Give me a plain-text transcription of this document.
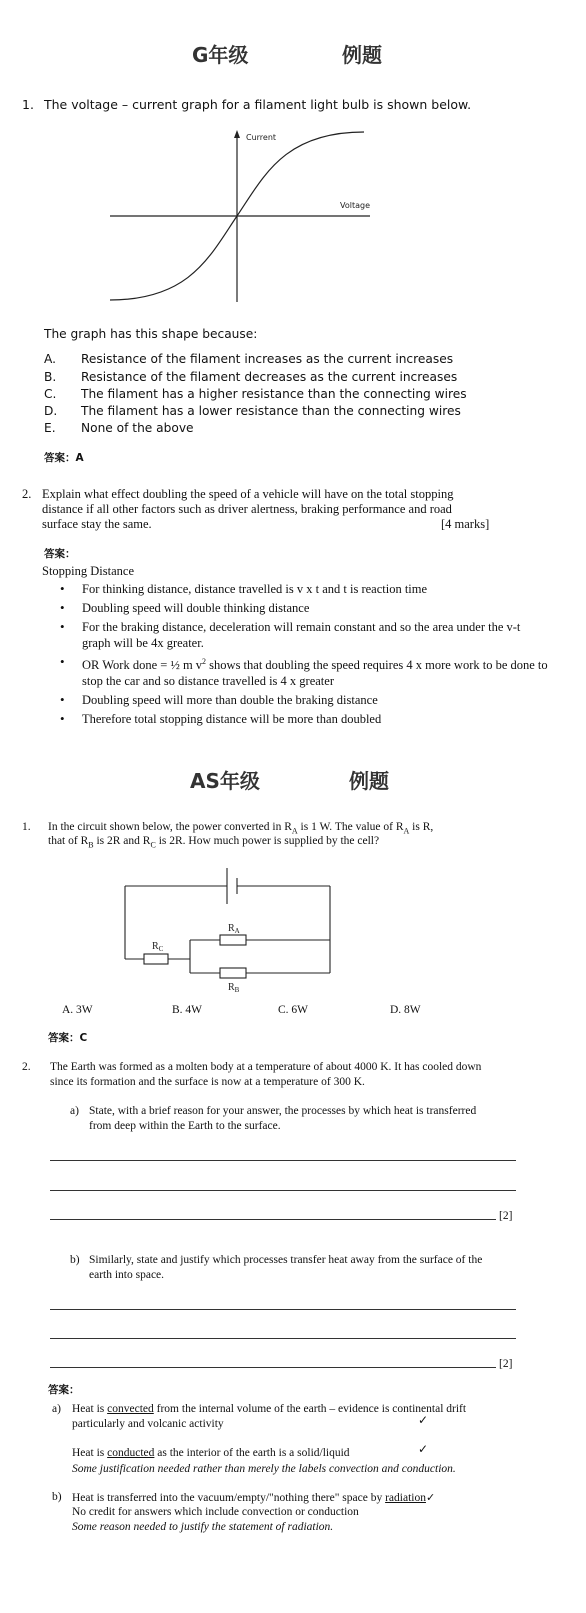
G年级	例题
1. The voltage – current graph for a filament light bulb is shown below.
Current
Voltage
The graph has this shape because:
A. Resistance of the filament increases as the current increases
B. Resistance of the filament decreases as the current increases
C. The filament has a higher resistance than the connecting wires
D. The filament has a lower resistance than the connecting wires
E. None of the above
答案：A
2. Explain what effect doubling the speed of a vehicle will have on the total stopping
distance if all other factors such as driver alertness, braking performance and road
surface stay the same.	[4 marks]
答案：
Stopping Distance
• For thinking distance, distance travelled is v x t and t is reaction time
• Doubling speed will double thinking distance
• For the braking distance, deceleration will remain constant and so the area under the v-t graph will be 4x greater.
• OR Work done = ½ m $v^2$ shows that doubling the speed requires 4 x more work to be done to stop the car and so distance travelled is 4 x greater
• Doubling speed will more than double the braking distance
• Therefore total stopping distance will be more than doubled
AS年级	例题
1. In the circuit shown below, the power converted in $R_A$ is 1 W. The value of $R_A$ is R,
that of $R_B$ is 2R and $R_C$ is 2R. How much power is supplied by the cell?
$R_C$
$R_A$
$R_B$
A. 3W	B. 4W	C. 6W	D. 8W
答案：C
2. The Earth was formed as a molten body at a temperature of about 4000 K. It has cooled down
since its formation and the surface is now at a temperature of 300 K.
a) State, with a brief reason for your answer, the processes by which heat is transferred
from deep within the Earth to the surface.
[2]
b) Similarly, state and justify which processes transfer heat away from the surface of the
earth into space.
[2]
答案：
a) Heat is convected from the internal volume of the earth – evidence is continental drift
particularly and volcanic activity	✓
Heat is conducted as the interior of the earth is a solid/liquid	✓
Some justification needed rather than merely the labels convection and conduction.
b) Heat is transferred into the vacuum/empty/"nothing there" space by radiation✓
No credit for answers which include convection or conduction
Some reason needed to justify the statement of radiation.
